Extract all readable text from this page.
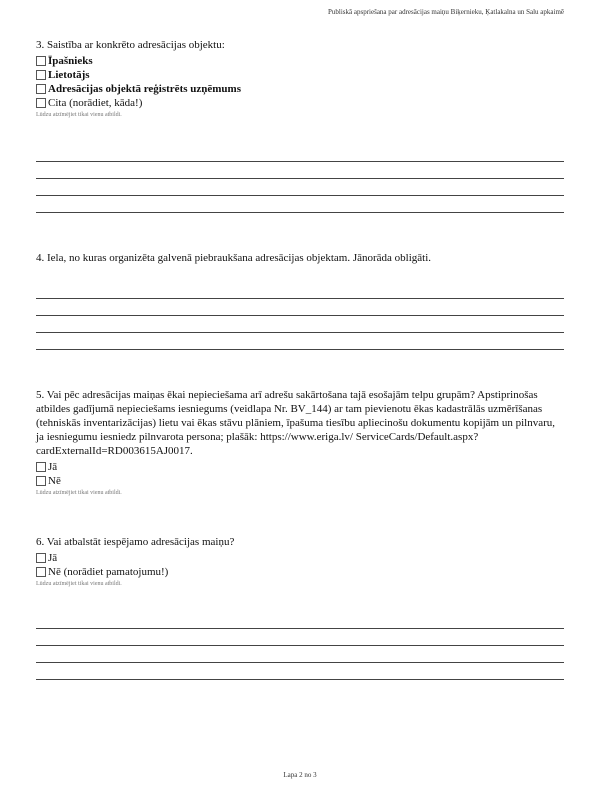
Publiskā apspriešana par adresācijas maiņu Biķernieku, Ķatlakalna un Salu apkaimē
3. Saistība ar konkrēto adresācijas objektu:
Īpašnieks
Lietotājs
Adresācijas objektā reģistrēts uzņēmums
Cita (norādiet, kāda!)
Lūdzu atzīmējiet tikai vienu atbildi.
4. Iela, no kuras organizēta galvenā piebraukšana adresācijas objektam. Jānorāda obligāti.
5. Vai pēc adresācijas maiņas ēkai nepieciešama arī adrešu sakārtošana tajā esošajām telpu grupām? Apstiprinošas atbildes gadījumā nepieciešams iesniegums (veidlapa Nr. BV_144) ar tam pievienotu ēkas kadastrālās uzmērīšanas (tehniskās inventarizācijas) lietu vai ēkas stāvu plāniem, īpašuma tiesību apliecinošu dokumentu kopijām un pilnvaru, ja iesniegumu iesniedz pilnvarota persona; plašāk: https://www.eriga.lv/ ServiceCards/Default.aspx?cardExternalId=RD003615AJ0017.
Jā
Nē
Lūdzu atzīmējiet tikai vienu atbildi.
6. Vai atbalstāt iespējamo adresācijas maiņu?
Jā
Nē (norādiet pamatojumu!)
Lūdzu atzīmējiet tikai vienu atbildi.
Lapa 2 no 3
